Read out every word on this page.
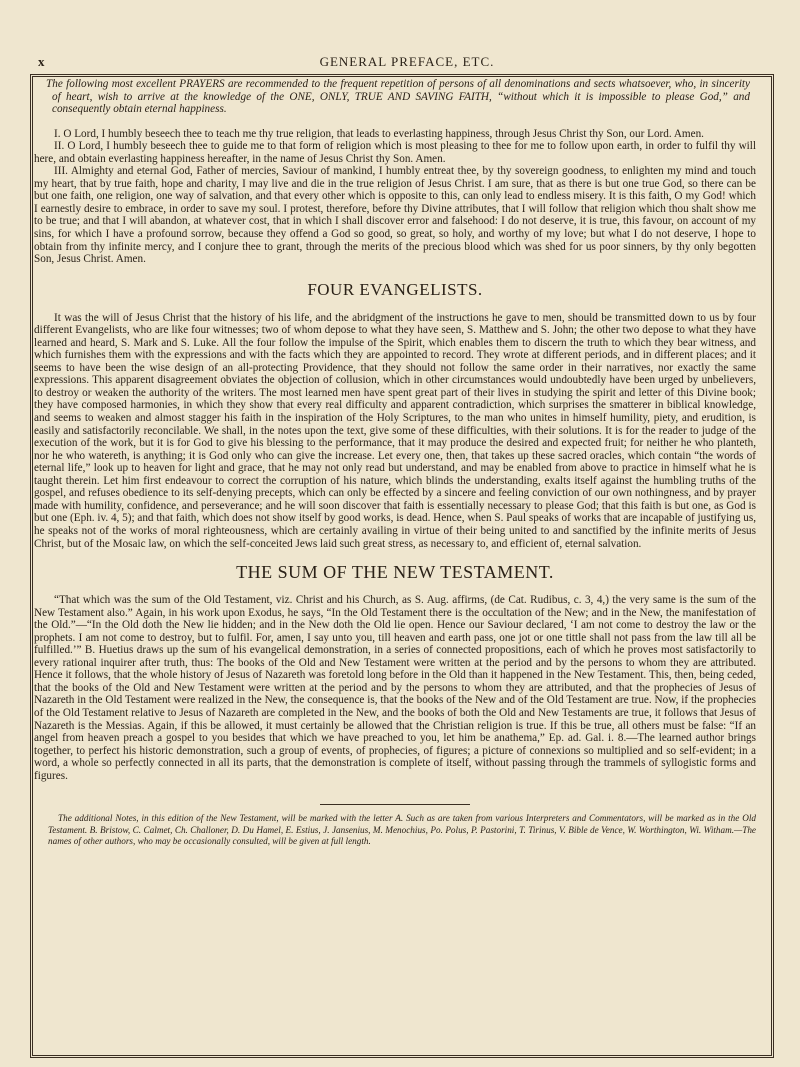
x	GENERAL PREFACE, ETC.

The following most excellent PRAYERS are recommended to the frequent repetition of persons of all denominations and sects whatsoever, who, in sincerity of heart, wish to arrive at the knowledge of the ONE, ONLY, TRUE AND SAVING FAITH, “without which it is impossible to please God,” and consequently obtain eternal happiness.

I. O Lord, I humbly beseech thee to teach me thy true religion, that leads to everlasting happiness, through Jesus Christ thy Son, our Lord. Amen.

II. O Lord, I humbly beseech thee to guide me to that form of religion which is most pleasing to thee for me to follow upon earth, in order to fulfil thy will here, and obtain everlasting happiness hereafter, in the name of Jesus Christ thy Son. Amen.

III. Almighty and eternal God, Father of mercies, Saviour of mankind, I humbly entreat thee, by thy sovereign goodness, to enlighten my mind and touch my heart, that by true faith, hope and charity, I may live and die in the true religion of Jesus Christ. I am sure, that as there is but one true God, so there can be but one faith, one religion, one way of salvation, and that every other which is opposite to this, can only lead to endless misery. It is this faith, O my God! which I earnestly desire to embrace, in order to save my soul. I protest, therefore, before thy Divine attributes, that I will follow that religion which thou shalt show me to be true; and that I will abandon, at whatever cost, that in which I shall discover error and falsehood: I do not deserve, it is true, this favour, on account of my sins, for which I have a profound sorrow, because they offend a God so good, so great, so holy, and worthy of my love; but what I do not deserve, I hope to obtain from thy infinite mercy, and I conjure thee to grant, through the merits of the precious blood which was shed for us poor sinners, by thy only begotten Son, Jesus Christ. Amen.

FOUR EVANGELISTS.

It was the will of Jesus Christ that the history of his life, and the abridgment of the instructions he gave to men, should be transmitted down to us by four different Evangelists, who are like four witnesses; two of whom depose to what they have seen, S. Matthew and S. John; the other two depose to what they have learned and heard, S. Mark and S. Luke. All the four follow the impulse of the Spirit, which enables them to discern the truth to which they bear witness, and which furnishes them with the expressions and with the facts which they are appointed to record. They wrote at different periods, and in different places; and it seems to have been the wise design of an all-protecting Providence, that they should not follow the same order in their narratives, nor exactly the same expressions. This apparent disagreement obviates the objection of collusion, which in other circumstances would undoubtedly have been urged by unbelievers, to destroy or weaken the authority of the writers. The most learned men have spent great part of their lives in studying the spirit and letter of this Divine book; they have composed harmonies, in which they show that every real difficulty and apparent contradiction, which surprises the smatterer in biblical knowledge, and seems to weaken and almost stagger his faith in the inspiration of the Holy Scriptures, to the man who unites in himself humility, piety, and erudition, is easily and satisfactorily reconcilable. We shall, in the notes upon the text, give some of these difficulties, with their solutions. It is for the reader to judge of the execution of the work, but it is for God to give his blessing to the performance, that it may produce the desired and expected fruit; for neither he who planteth, nor he who watereth, is anything; it is God only who can give the increase. Let every one, then, that takes up these sacred oracles, which contain “the words of eternal life,” look up to heaven for light and grace, that he may not only read but understand, and may be enabled from above to practice in himself what he is taught therein. Let him first endeavour to correct the corruption of his nature, which blinds the understanding, exalts itself against the humbling truths of the gospel, and refuses obedience to its self-denying precepts, which can only be effected by a sincere and feeling conviction of our own nothingness, and by prayer made with humility, confidence, and perseverance; and he will soon discover that faith is essentially necessary to please God; that this faith is but one, as God is but one (Eph. iv. 4, 5); and that faith, which does not show itself by good works, is dead. Hence, when S. Paul speaks of works that are incapable of justifying us, he speaks not of the works of moral righteousness, which are certainly availing in virtue of their being united to and sanctified by the infinite merits of Jesus Christ, but of the Mosaic law, on which the self-conceited Jews laid such great stress, as necessary to, and efficient of, eternal salvation.

THE SUM OF THE NEW TESTAMENT.

“That which was the sum of the Old Testament, viz. Christ and his Church, as S. Aug. affirms, (de Cat. Rudibus, c. 3, 4,) the very same is the sum of the New Testament also.” Again, in his work upon Exodus, he says, “In the Old Testament there is the occultation of the New; and in the New, the manifestation of the Old.”—“In the Old doth the New lie hidden; and in the New doth the Old lie open. Hence our Saviour declared, ‘I am not come to destroy the law or the prophets. I am not come to destroy, but to fulfil. For, amen, I say unto you, till heaven and earth pass, one jot or one tittle shall not pass from the law till all be fulfilled.’” B. Huetius draws up the sum of his evangelical demonstration, in a series of connected propositions, each of which he proves most satisfactorily to every rational inquirer after truth, thus: The books of the Old and New Testament were written at the period and by the persons to whom they are attributed. Hence it follows, that the whole history of Jesus of Nazareth was foretold long before in the Old than it happened in the New Testament. This, then, being ceded, that the books of the Old and New Testament were written at the period and by the persons to whom they are attributed, and that the prophecies of Jesus of Nazareth in the Old Testament were realized in the New, the consequence is, that the books of the New and of the Old Testament are true. Now, if the prophecies of the Old Testament relative to Jesus of Nazareth are completed in the New, and the books of both the Old and New Testaments are true, it follows that Jesus of Nazareth is the Messias. Again, if this be allowed, it must certainly be allowed that the Christian religion is true. If this be true, all others must be false: “If an angel from heaven preach a gospel to you besides that which we have preached to you, let him be anathema,” Ep. ad. Gal. i. 8.—The learned author brings together, to perfect his historic demonstration, such a group of events, of prophecies, of figures; a picture of connexions so multiplied and so self-evident; in a word, a whole so perfectly connected in all its parts, that the demonstration is complete of itself, without passing through the trammels of syllogistic forms and figures.

The additional Notes, in this edition of the New Testament, will be marked with the letter A. Such as are taken from various Interpreters and Commentators, will be marked as in the Old Testament. B. Bristow, C. Calmet, Ch. Challoner, D. Du Hamel, E. Estius, J. Jansenius, M. Menochius, Po. Polus, P. Pastorini, T. Tirinus, V. Bible de Vence, W. Worthington, Wi. Witham.—The names of other authors, who may be occasionally consulted, will be given at full length.
